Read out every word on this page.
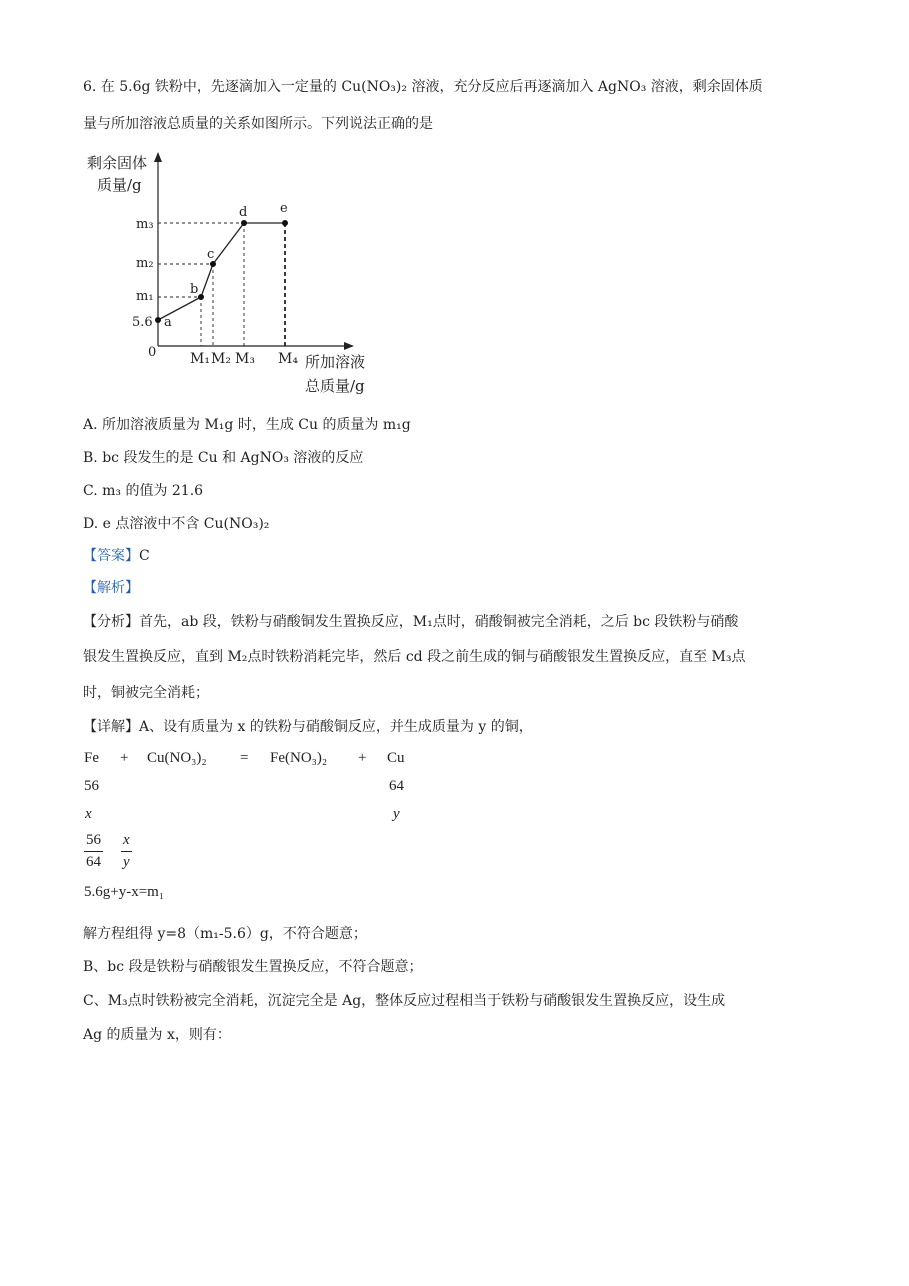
6. 在 5.6g 铁粉中，先逐滴加入一定量的 Cu(NO₃)₂ 溶液，充分反应后再逐滴加入 AgNO₃ 溶液，剩余固体质
量与所加溶液总质量的关系如图所示。下列说法正确的是
剩余固体
质量/g
所加溶液
总质量/g
0
a
b
c
d	e
5.6
m₁
m₂
m₃
M₁ M₂ M₃ M₄
A. 所加溶液质量为 M₁g 时，生成 Cu 的质量为 m₁g
B. bc 段发生的是 Cu 和 AgNO₃ 溶液的反应
C. m₃ 的值为 21.6
D. e 点溶液中不含 Cu(NO₃)₂
【答案】C
【解析】
【分析】首先，ab 段，铁粉与硝酸铜发生置换反应，M₁点时，硝酸铜被完全消耗，之后 bc 段铁粉与硝酸
银发生置换反应，直到 M₂点时铁粉消耗完毕，然后 cd 段之前生成的铜与硝酸银发生置换反应，直至 M₃点
时，铜被完全消耗；
【详解】A、设有质量为 x 的铁粉与硝酸铜反应，并生成质量为 y 的铜，
Fe + Cu(NO₃)₂ = Fe(NO₃)₂ + Cu
56	64
x	y
$\frac{56}{64} \frac{x}{y}$
5.6g+y-x=m₁
解方程组得 y=8（m₁-5.6）g，不符合题意；
B、bc 段是铁粉与硝酸银发生置换反应，不符合题意；
C、M₃点时铁粉被完全消耗，沉淀完全是 Ag，整体反应过程相当于铁粉与硝酸银发生置换反应，设生成
Ag 的质量为 x，则有：
